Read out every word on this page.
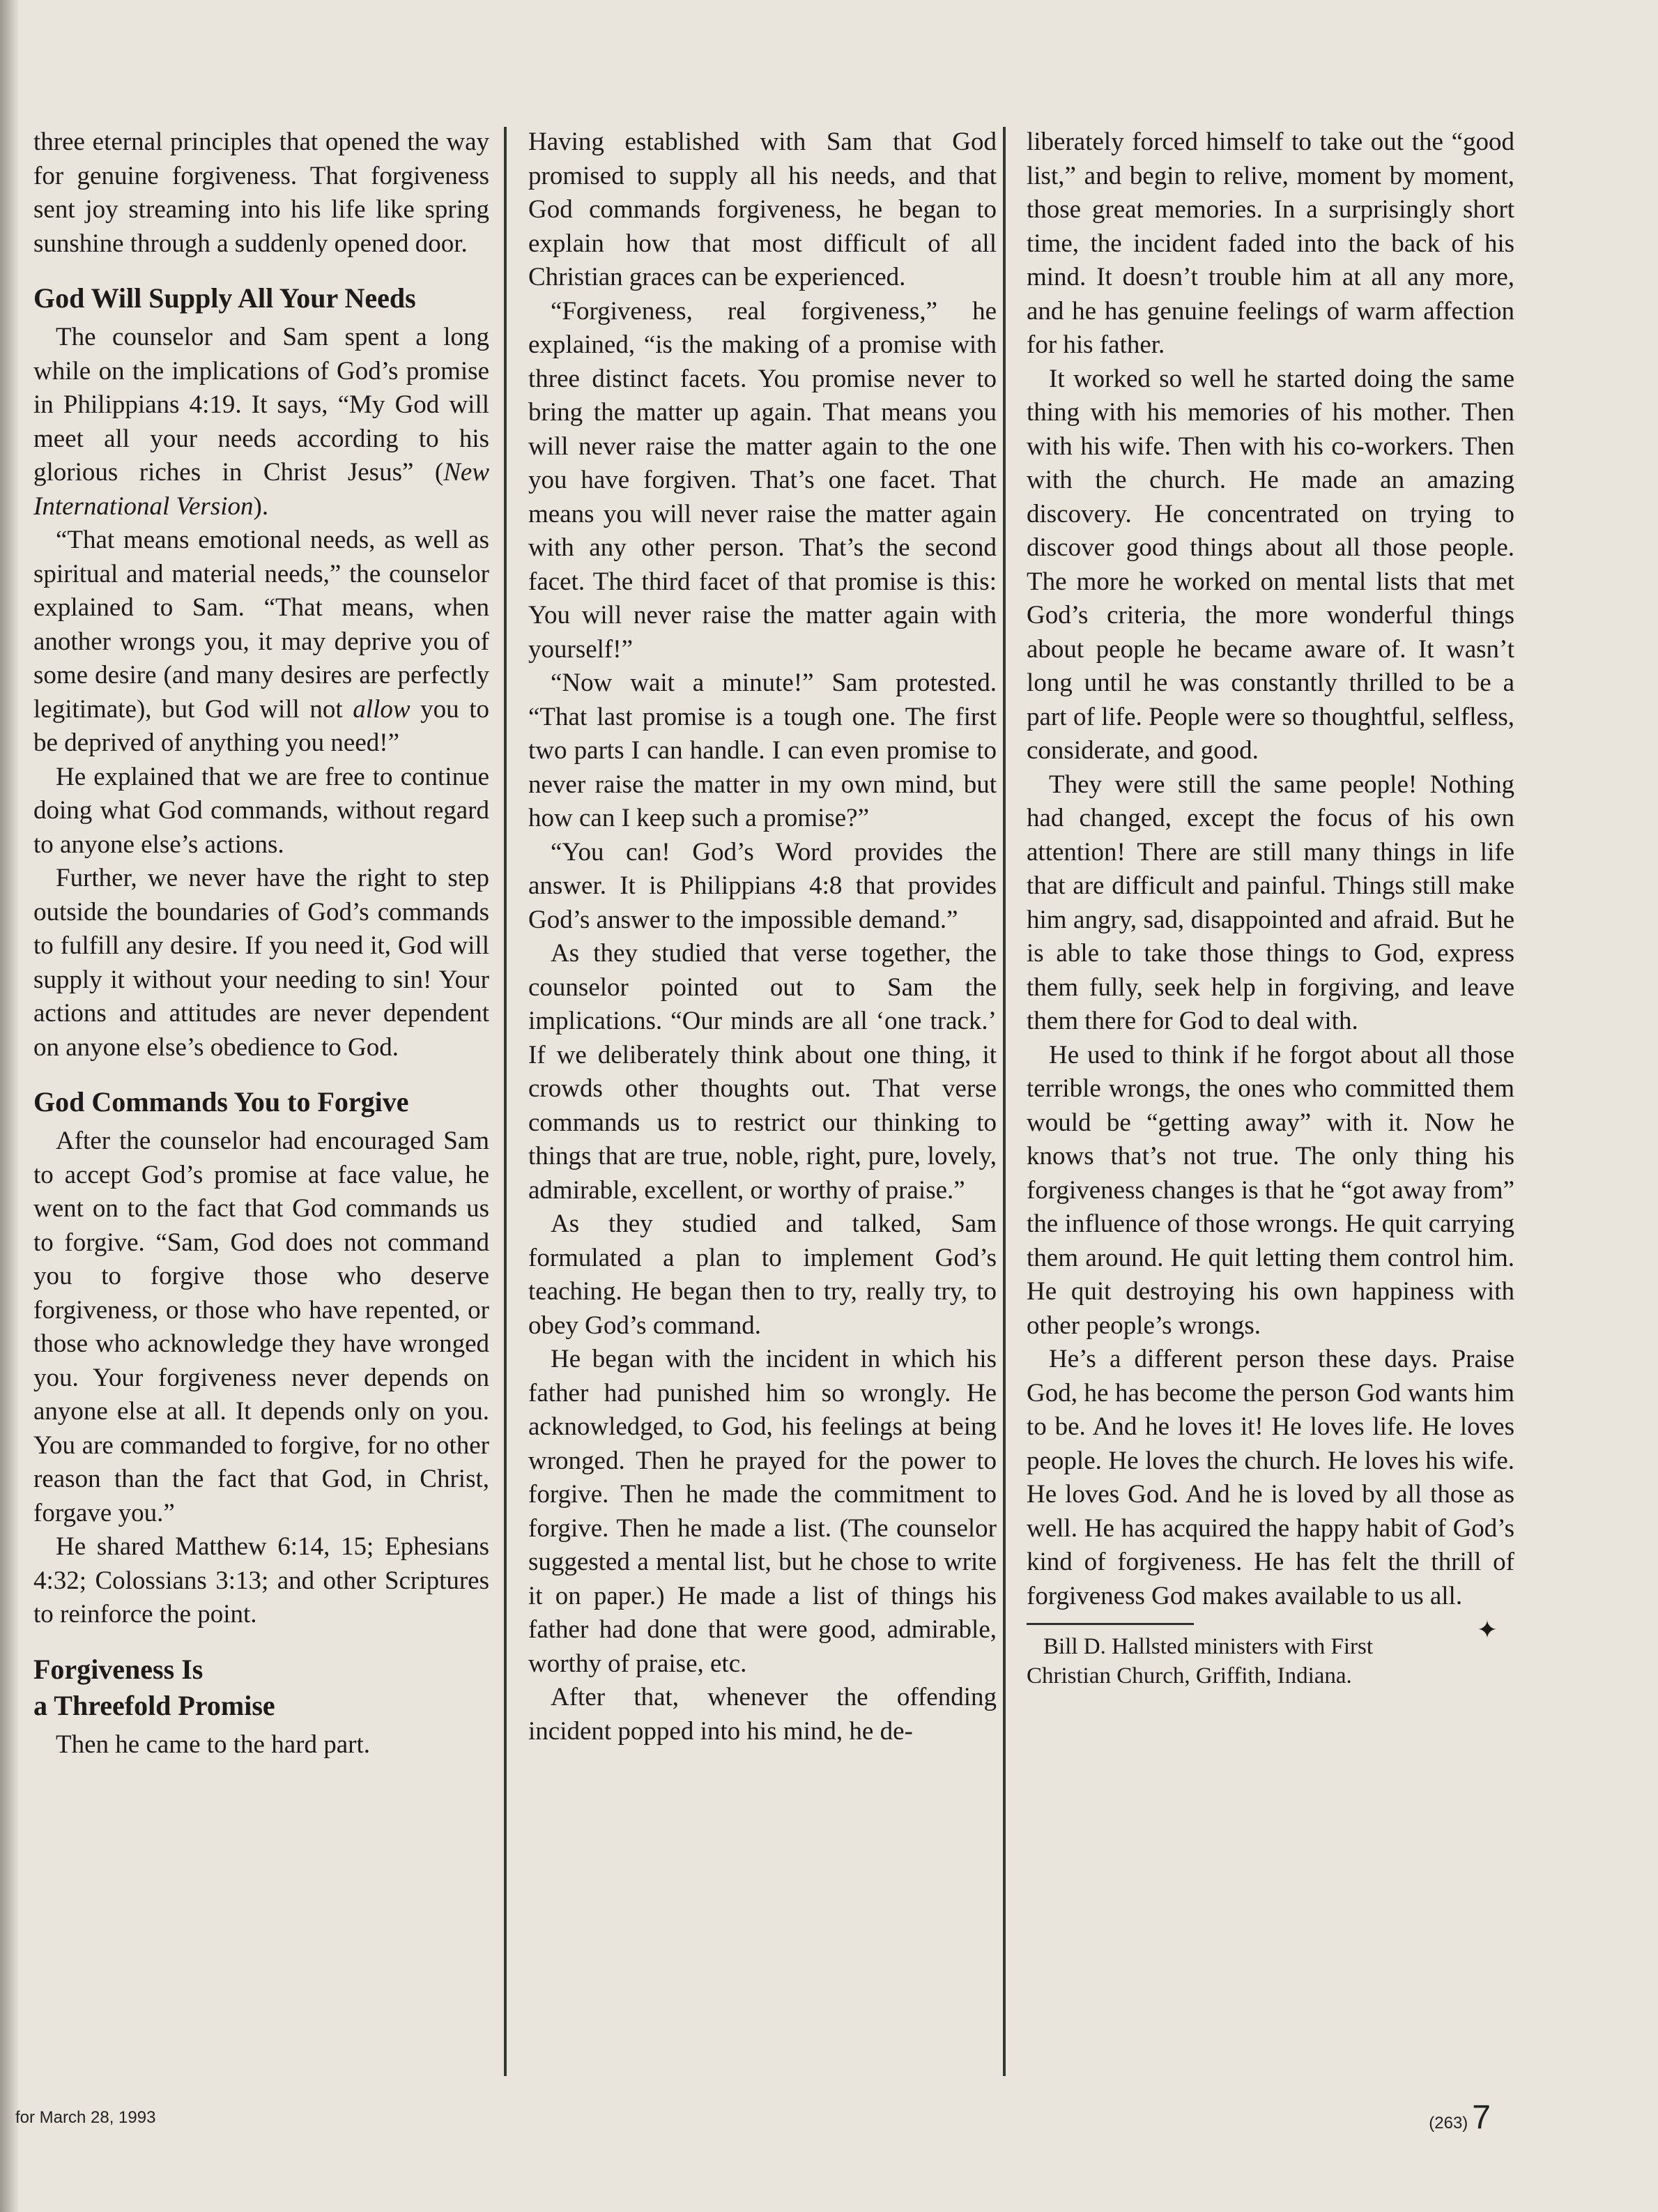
three eternal principles that opened the way for genuine forgiveness. That forgiveness sent joy streaming into his life like spring sunshine through a suddenly opened door.

God Will Supply All Your Needs

The counselor and Sam spent a long while on the implications of God’s promise in Philippians 4:19. It says, “My God will meet all your needs according to his glorious riches in Christ Jesus” (New International Version).

“That means emotional needs, as well as spiritual and material needs,” the counselor explained to Sam. “That means, when another wrongs you, it may deprive you of some desire (and many desires are perfectly legitimate), but God will not allow you to be deprived of anything you need!”

He explained that we are free to continue doing what God commands, without regard to anyone else’s actions.

Further, we never have the right to step outside the boundaries of God’s commands to fulfill any desire. If you need it, God will supply it without your needing to sin! Your actions and attitudes are never dependent on anyone else’s obedience to God.

God Commands You to Forgive

After the counselor had encouraged Sam to accept God’s promise at face value, he went on to the fact that God commands us to forgive. “Sam, God does not command you to forgive those who deserve forgiveness, or those who have repented, or those who acknowledge they have wronged you. Your forgiveness never depends on anyone else at all. It depends only on you. You are commanded to forgive, for no other reason than the fact that God, in Christ, forgave you.”

He shared Matthew 6:14, 15; Ephesians 4:32; Colossians 3:13; and other Scriptures to reinforce the point.

Forgiveness Is
a Threefold Promise

Then he came to the hard part.

Having established with Sam that God promised to supply all his needs, and that God commands forgiveness, he began to explain how that most difficult of all Christian graces can be experienced.

“Forgiveness, real forgiveness,” he explained, “is the making of a promise with three distinct facets. You promise never to bring the matter up again. That means you will never raise the matter again to the one you have forgiven. That’s one facet. That means you will never raise the matter again with any other person. That’s the second facet. The third facet of that promise is this: You will never raise the matter again with yourself!”

“Now wait a minute!” Sam protested. “That last promise is a tough one. The first two parts I can handle. I can even promise to never raise the matter in my own mind, but how can I keep such a promise?”

“You can! God’s Word provides the answer. It is Philippians 4:8 that provides God’s answer to the impossible demand.”

As they studied that verse together, the counselor pointed out to Sam the implications. “Our minds are all ‘one track.’ If we deliberately think about one thing, it crowds other thoughts out. That verse commands us to restrict our thinking to things that are true, noble, right, pure, lovely, admirable, excellent, or worthy of praise.”

As they studied and talked, Sam formulated a plan to implement God’s teaching. He began then to try, really try, to obey God’s command.

He began with the incident in which his father had punished him so wrongly. He acknowledged, to God, his feelings at being wronged. Then he prayed for the power to forgive. Then he made the commitment to forgive. Then he made a list. (The counselor suggested a mental list, but he chose to write it on paper.) He made a list of things his father had done that were good, admirable, worthy of praise, etc.

After that, whenever the offending incident popped into his mind, he de-

liberately forced himself to take out the “good list,” and begin to relive, moment by moment, those great memories. In a surprisingly short time, the incident faded into the back of his mind. It doesn’t trouble him at all any more, and he has genuine feelings of warm affection for his father.

It worked so well he started doing the same thing with his memories of his mother. Then with his wife. Then with his co-workers. Then with the church. He made an amazing discovery. He concentrated on trying to discover good things about all those people. The more he worked on mental lists that met God’s criteria, the more wonderful things about people he became aware of. It wasn’t long until he was constantly thrilled to be a part of life. People were so thoughtful, selfless, considerate, and good.

They were still the same people! Nothing had changed, except the focus of his own attention! There are still many things in life that are difficult and painful. Things still make him angry, sad, disappointed and afraid. But he is able to take those things to God, express them fully, seek help in forgiving, and leave them there for God to deal with.

He used to think if he forgot about all those terrible wrongs, the ones who committed them would be “getting away” with it. Now he knows that’s not true. The only thing his forgiveness changes is that he “got away from” the influence of those wrongs. He quit carrying them around. He quit letting them control him. He quit destroying his own happiness with other people’s wrongs.

He’s a different person these days. Praise God, he has become the person God wants him to be. And he loves it! He loves life. He loves people. He loves the church. He loves his wife. He loves God. And he is loved by all those as well. He has acquired the happy habit of God’s kind of forgiveness. He has felt the thrill of forgiveness God makes available to us all.
✦

Bill D. Hallsted ministers with First Christian Church, Griffith, Indiana.

for March 28, 1993	(263) 7
